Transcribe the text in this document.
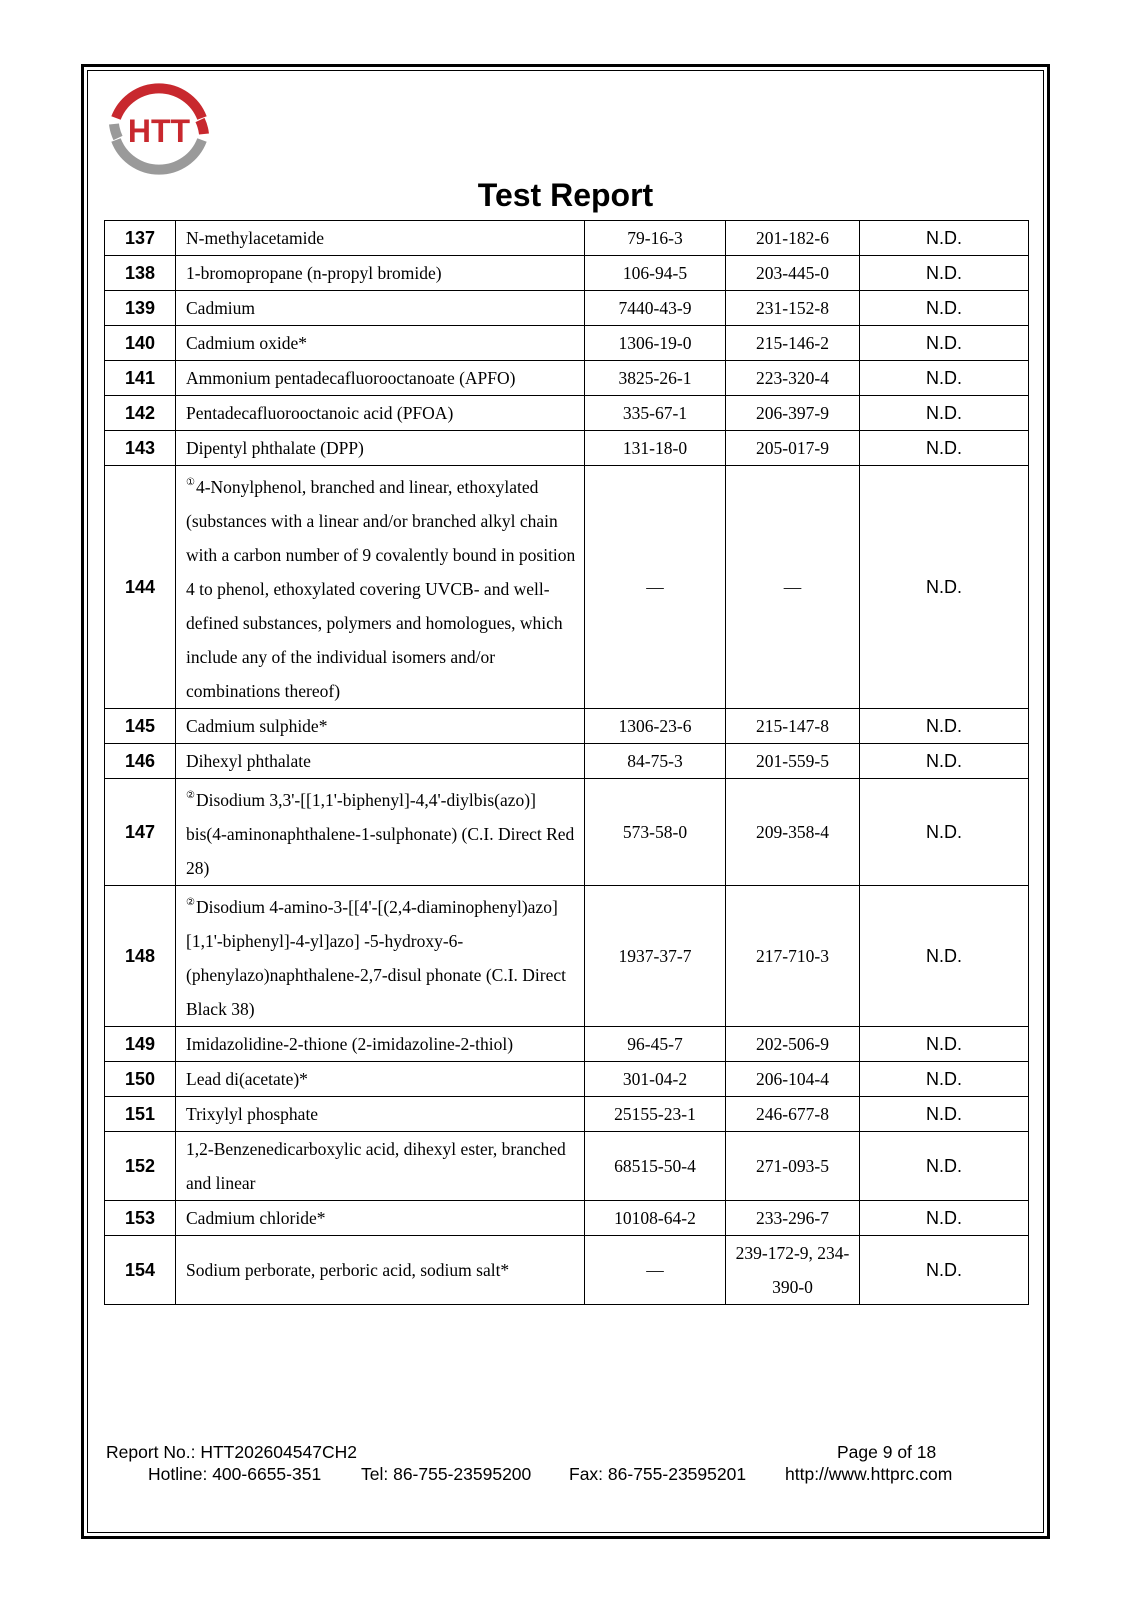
HTT
Test Report
137	N-methylacetamide	79-16-3	201-182-6	N.D.
138	1-bromopropane (n-propyl bromide)	106-94-5	203-445-0	N.D.
139	Cadmium	7440-43-9	231-152-8	N.D.
140	Cadmium oxide*	1306-19-0	215-146-2	N.D.
141	Ammonium pentadecafluorooctanoate (APFO)	3825-26-1	223-320-4	N.D.
142	Pentadecafluorooctanoic acid (PFOA)	335-67-1	206-397-9	N.D.
143	Dipentyl phthalate (DPP)	131-18-0	205-017-9	N.D.
144	①4-Nonylphenol, branched and linear, ethoxylated (substances with a linear and/or branched alkyl chain with a carbon number of 9 covalently bound in position 4 to phenol, ethoxylated covering UVCB- and well-defined substances, polymers and homologues, which include any of the individual isomers and/or combinations thereof)	—	—	N.D.
145	Cadmium sulphide*	1306-23-6	215-147-8	N.D.
146	Dihexyl phthalate	84-75-3	201-559-5	N.D.
147	②Disodium 3,3'-[[1,1'-biphenyl]-4,4'-diylbis(azo)] bis(4-aminonaphthalene-1-sulphonate) (C.I. Direct Red 28)	573-58-0	209-358-4	N.D.
148	②Disodium 4-amino-3-[[4'-[(2,4-diaminophenyl)azo] [1,1'-biphenyl]-4-yl]azo] -5-hydroxy-6-(phenylazo)naphthalene-2,7-disul phonate (C.I. Direct Black 38)	1937-37-7	217-710-3	N.D.
149	Imidazolidine-2-thione (2-imidazoline-2-thiol)	96-45-7	202-506-9	N.D.
150	Lead di(acetate)*	301-04-2	206-104-4	N.D.
151	Trixylyl phosphate	25155-23-1	246-677-8	N.D.
152	1,2-Benzenedicarboxylic acid, dihexyl ester, branched and linear	68515-50-4	271-093-5	N.D.
153	Cadmium chloride*	10108-64-2	233-296-7	N.D.
154	Sodium perborate, perboric acid, sodium salt*	—	239-172-9, 234-390-0	N.D.
Report No.: HTT202604547CH2	Page 9 of 18
Hotline: 400-6655-351 Tel: 86-755-23595200 Fax: 86-755-23595201 http://www.httprc.com
